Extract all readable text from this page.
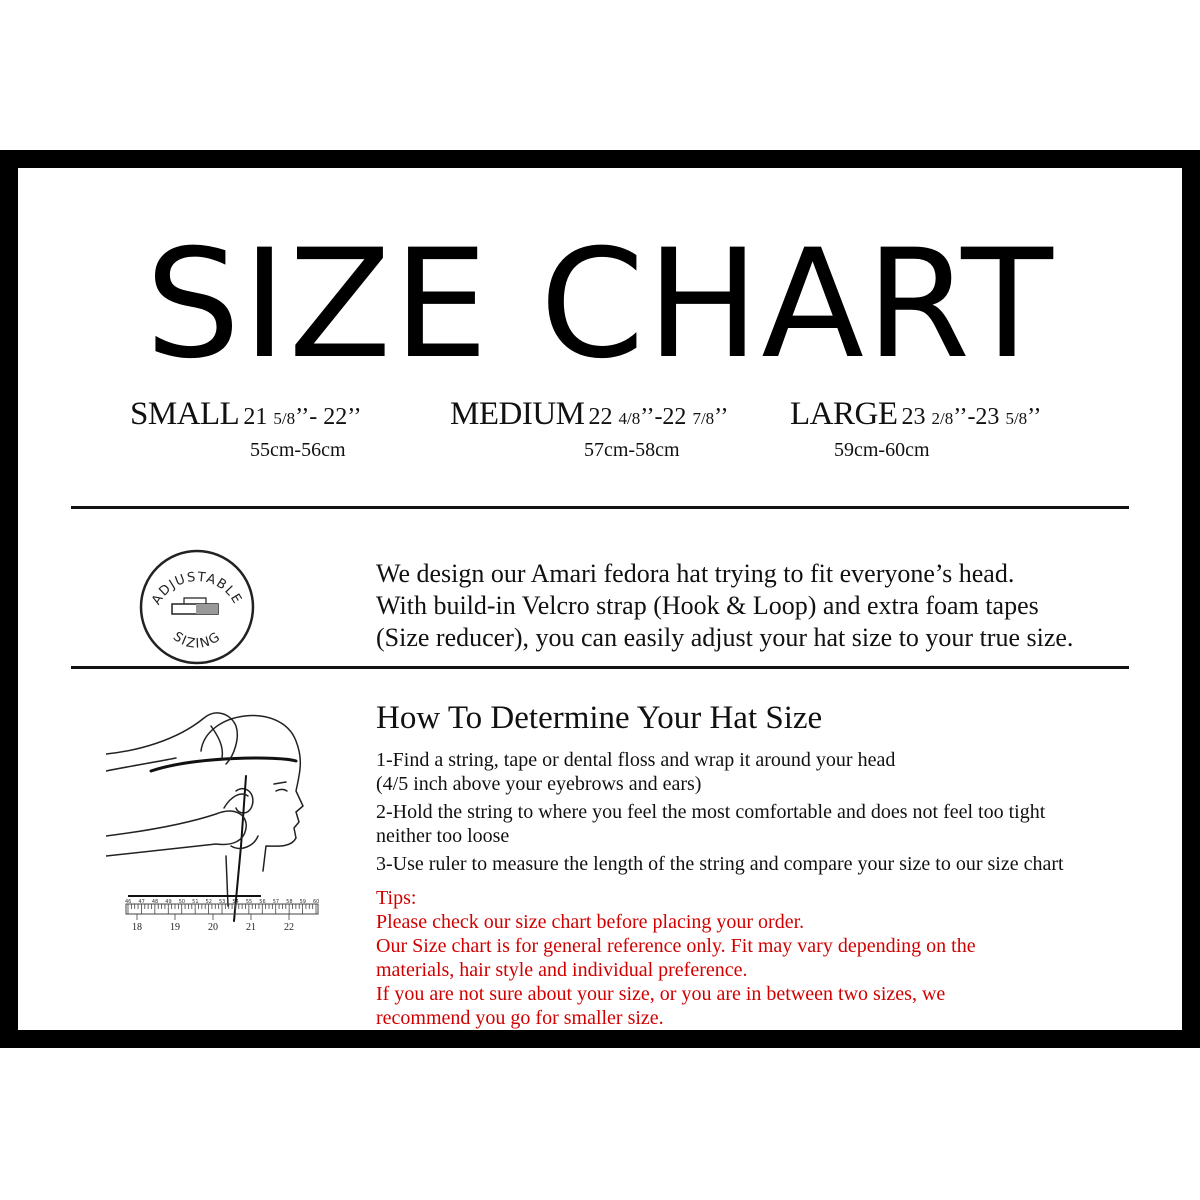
SIZE CHART
SMALL 21 5/8’’- 22’’
55cm-56cm
MEDIUM 22 4/8’’-22 7/8’’
57cm-58cm
LARGE 23 2/8’’-23 5/8’’
59cm-60cm
ADJUSTABLE
SIZING
We design our Amari fedora hat trying to fit everyone’s head.
With build-in Velcro strap (Hook & Loop) and extra foam tapes
(Size reducer), you can easily adjust your hat size to your true size.
46 47 48 49 50 51 52 53 54 55 56 57 58 59 60
18	19	20	21	22
How To Determine Your Hat Size
1-Find a string, tape or dental floss and wrap it around your head
(4/5 inch above your eyebrows and ears)
2-Hold the string to where you feel the most comfortable and does not feel too tight
neither too loose
3-Use ruler to measure the length of the string and compare your size to our size chart
Tips:
Please check our size chart before placing your order.
Our Size chart is for general reference only. Fit may vary depending on the
materials, hair style and individual preference.
If you are not sure about your size, or you are in between two sizes, we
recommend you go for smaller size.
